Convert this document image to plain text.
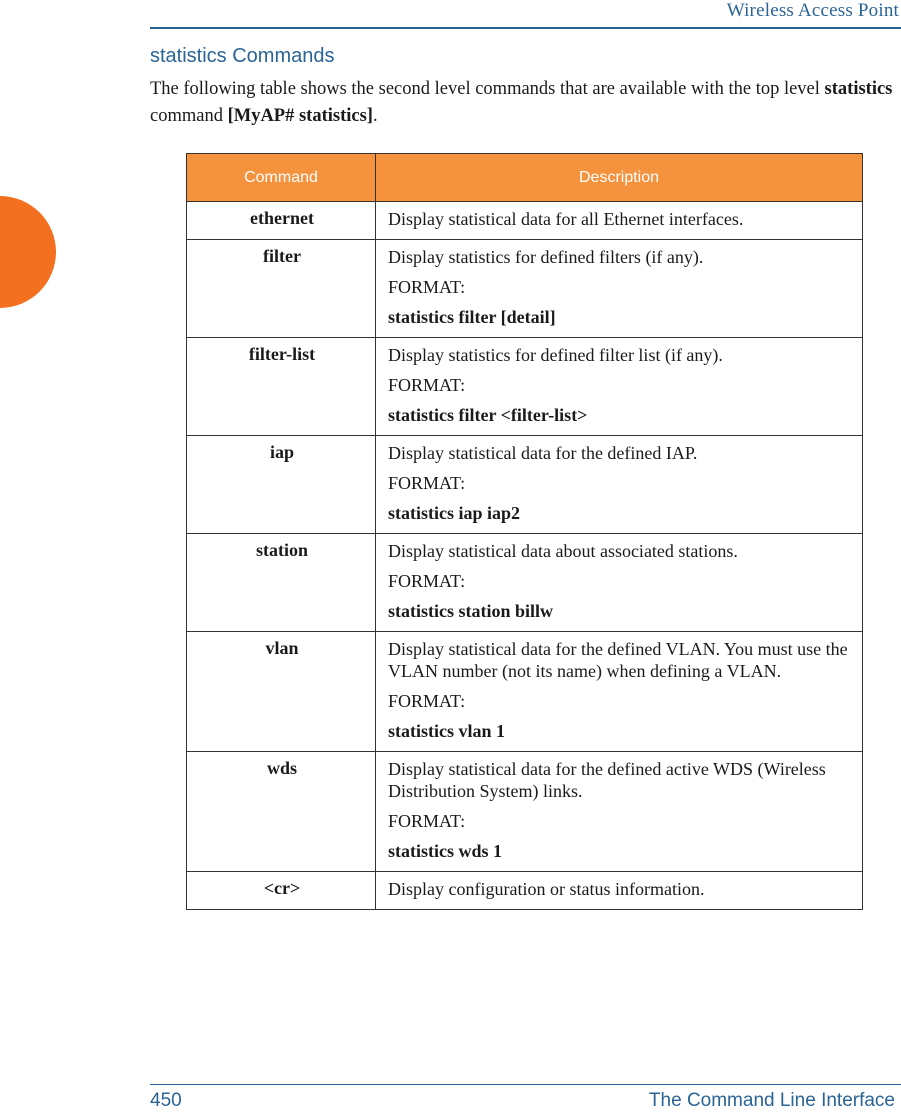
Wireless Access Point
statistics Commands

The following table shows the second level commands that are available with the top level statistics command [MyAP# statistics].

Command	Description
ethernet	Display statistical data for all Ethernet interfaces.

filter	Display statistics for defined filters (if any).

FORMAT:

statistics filter [detail]

filter-list	Display statistics for defined filter list (if any).

FORMAT:

statistics filter <filter-list>

iap	Display statistical data for the defined IAP.

FORMAT:

statistics iap iap2

station	Display statistical data about associated stations.

FORMAT:

statistics station billw

vlan	Display statistical data for the defined VLAN. You must use the VLAN number (not its name) when defining a VLAN.

FORMAT:

statistics vlan 1

wds	Display statistical data for the defined active WDS (Wireless Distribution System) links.

FORMAT:

statistics wds 1

<cr>	Display configuration or status information.

450	The Command Line Interface
